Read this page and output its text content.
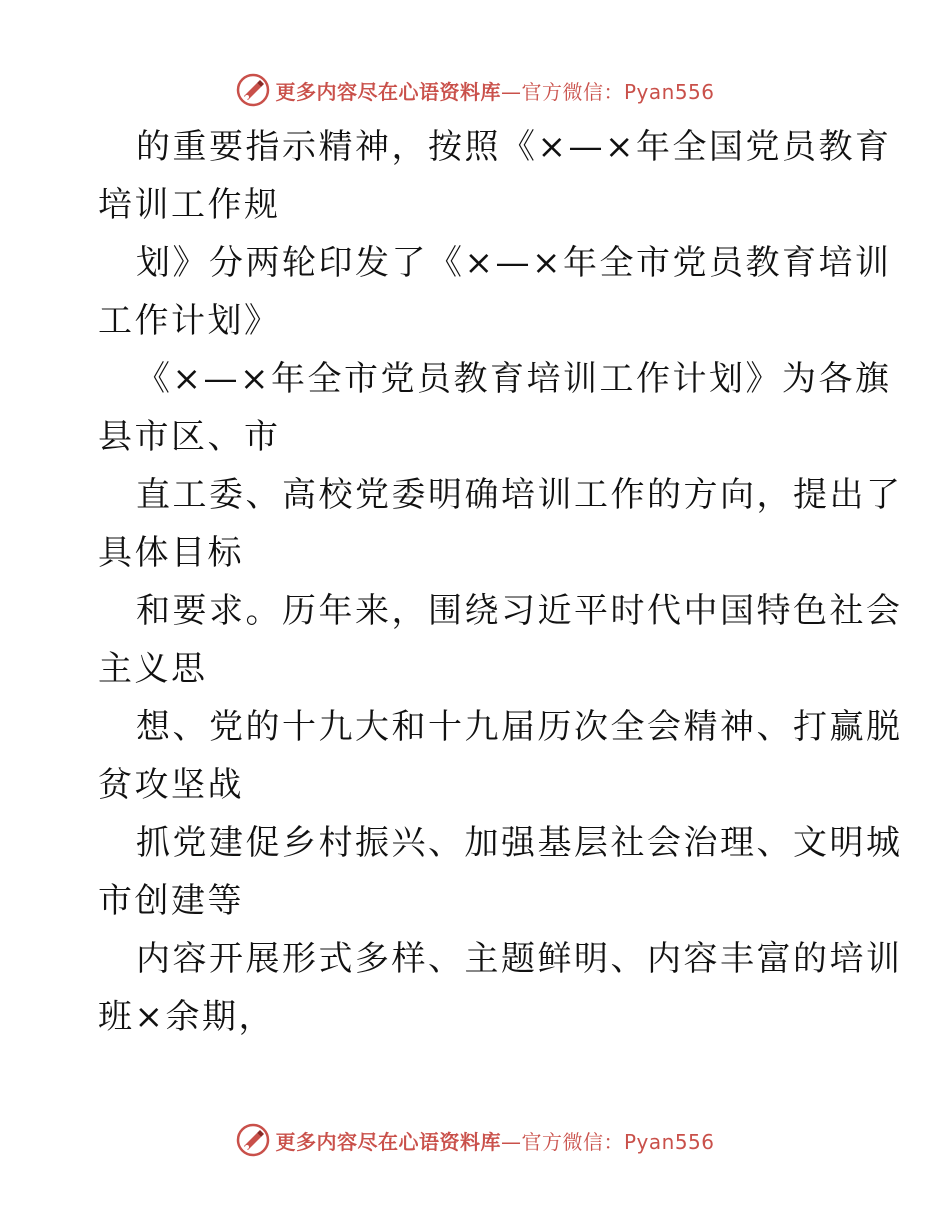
更多内容尽在心语资料库—官方微信：Pyan556
的重要指示精神，按照《×—×年全国党员教育
培训工作规
划》分两轮印发了《×—×年全市党员教育培训
工作计划》
《×—×年全市党员教育培训工作计划》为各旗
县市区、市
直工委、高校党委明确培训工作的方向，提出了
具体目标
和要求。历年来，围绕习近平时代中国特色社会
主义思
想、党的十九大和十九届历次全会精神、打赢脱
贫攻坚战
抓党建促乡村振兴、加强基层社会治理、文明城
市创建等
内容开展形式多样、主题鲜明、内容丰富的培训
班×余期，
更多内容尽在心语资料库—官方微信：Pyan556
